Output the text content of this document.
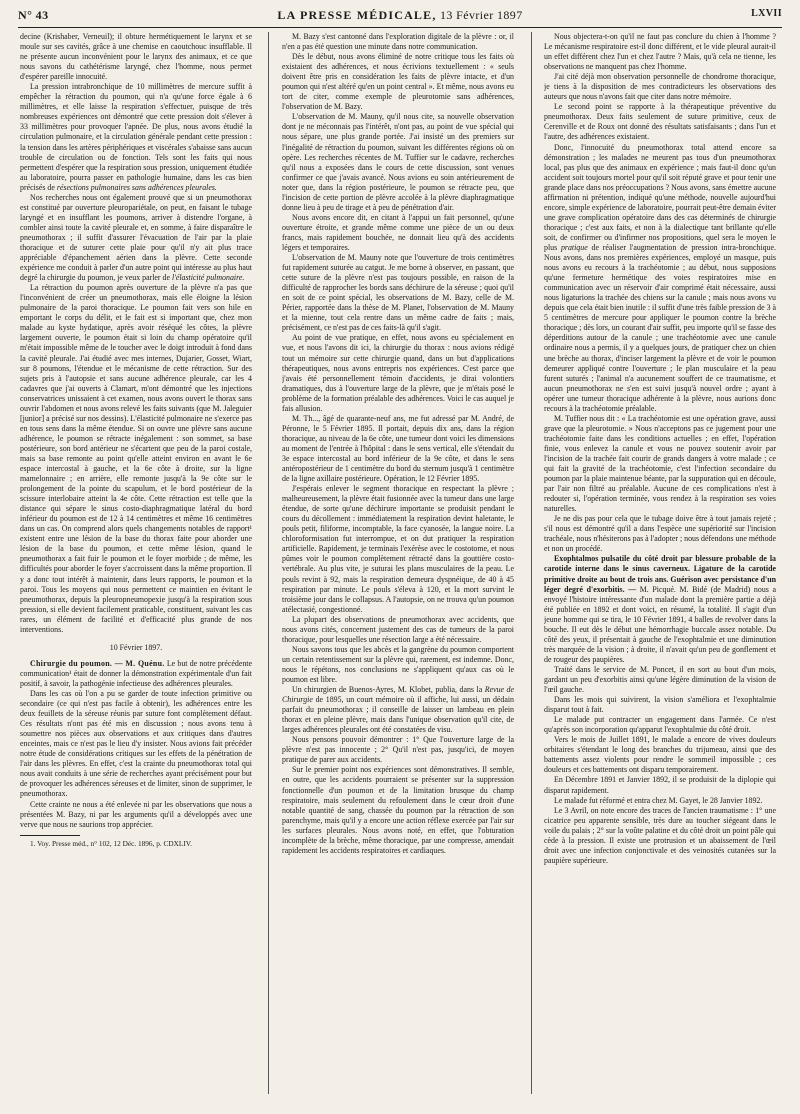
N° 43	LA PRESSE MÉDICALE, 13 Février 1897	LXVII

decine (Krishaber, Verneuil); il obture hermétiquement le larynx et se moule sur ses cavités, grâce à une chemise en caoutchouc insufflable. Il ne présente aucun inconvénient pour le larynx des animaux, et ce que nous savons du cathétérisme laryngé, chez l'homme, nous permet d'espérer pareille innocuité.

La pression intrabronchique de 10 millimètres de mercure suffit à empêcher la rétraction du poumon, qui n'a qu'une force égale à 6 millimètres, et elle laisse la respiration s'effectuer, puisque de très nombreuses expériences ont démontré que cette pression doit s'élever à 33 millimètres pour provoquer l'apnée. De plus, nous avons étudié la circulation pulmonaire, et la circulation générale pendant cette pression : la tension dans les artères périphériques et viscérales s'abaisse sans aucun trouble de circulation ou de fonction. Tels sont les faits qui nous permettent d'espérer que la respiration sous pression, uniquement étudiée au laboratoire, pourra passer en pathologie humaine, dans les cas bien précisés de résections pulmonaires sans adhérences pleurales.

Nos recherches nous ont également prouvé que si un pneumothorax est constitué par ouverture pleuropariétale, on peut, en faisant le tubage laryngé et en insufflant les poumons, arriver à distendre l'organe, à combler ainsi toute la cavité pleurale et, en somme, à faire disparaître le pneumothorax ; il suffit d'assurer l'évacuation de l'air par la plaie thoracique et de suturer cette plaie pour qu'il n'y ait plus trace appréciable d'épanchement aérien dans la plèvre. Cette seconde expérience me conduit à parler d'un autre point qui intéresse au plus haut degré la chirurgie du poumon, je veux parler de l'élasticité pulmonaire.

La rétraction du poumon après ouverture de la plèvre n'a pas que l'inconvénient de créer un pneumothorax, mais elle éloigne la lésion pulmonaire de la paroi thoracique. Le poumon fait vers son hile en emportant le corps du délit, et le fait est si important que, chez mon malade au kyste hydatique, après avoir réséqué les côtes, la plèvre largement ouverte, le poumon était si loin du champ opératoire qu'il m'était impossible même de le toucher avec le doigt introduit à fond dans la cavité pleurale. J'ai étudié avec mes internes, Dujarier, Gosset, Wiart, sur 8 poumons, l'étendue et le mécanisme de cette rétraction. Sur des sujets pris à l'autopsie et sans aucune adhérence pleurale, car les 4 cadavres que j'ai ouverts à Clamart, m'ont démontré que les injections conservatrices unissaient à cet examen, nous avons ouvert le thorax sans ouvrir l'abdomen et nous avons relevé les faits suivants (que M. Jaleguier [junior] a précisé sur nos dessins). L'élasticité pulmonaire ne s'exerce pas en tous sens dans la même étendue. Si on ouvre une plèvre sans aucune adhérence, le poumon se rétracte inégalement : son sommet, sa base postérieure, son bord antérieur ne s'écartent que peu de la paroi costale, mais sa base remonte au point qu'elle atteint environ en avant le 6e espace intercostal à gauche, et la 6e côte à droite, sur la ligne mamelonnaire ; en arrière, elle remonte jusqu'à la 9e côte sur le prolongement de la pointe du scapulum, et le bord postérieur de la scissure interlobaire atteint la 4e côte. Cette rétraction est telle que la distance qui sépare le sinus costo-diaphragmatique latéral du bord inférieur du poumon est de 12 à 14 centimètres et même 16 centimètres dans un cas. On comprend alors quels changements notables de rapport¹ existent entre une lésion de la base du thorax faite pour aborder une lésion de la base du poumon, et cette même lésion, quand le pneumothorax a fait fuir le poumon et le foyer morbide ; de même, les difficultés pour aborder le foyer s'accroissent dans la même proportion. Il y a donc tout intérêt à maintenir, dans leurs rapports, le poumon et la paroi. Tous les moyens qui nous permettent ce maintien en évitant le pneumothorax, depuis la pleuropneumopexie jusqu'à la respiration sous pression, si elle devient facilement praticable, constituent, suivant les cas rares, un élément de facilité et d'efficacité plus grande de nos interventions.

10 Février 1897.

Chirurgie du poumon. — M. Quénu. Le but de notre précédente communication¹ était de donner la démonstration expérimentale d'un fait positif, à savoir, la pathogénie infectieuse des adhérences pleurales.

Dans les cas où l'on a pu se garder de toute infection primitive ou secondaire (ce qui n'est pas facile à obtenir), les adhérences entre les deux feuillets de la séreuse réunis par suture font complètement défaut. Ces résultats n'ont pas été mis en discussion ; nous avons tenu à soumettre nos pièces aux observations et aux critiques dans d'autres enceintes, mais ce n'est pas le lieu d'y insister. Nous avions fait précéder notre étude de considérations critiques sur les effets de la pénétration de l'air dans les plèvres. En effet, c'est la crainte du pneumothorax total qui nous avait conduits à une série de recherches ayant précisément pour but de provoquer les adhérences séreuses et de limiter, sinon de supprimer, le pneumothorax.

Cette crainte ne nous a été enlevée ni par les observations que nous a présentées M. Bazy, ni par les arguments qu'il a développés avec une verve que nous ne saurions trop apprécier.

1. Voy. Presse méd., n° 102, 12 Déc. 1896, p. CDXLIV.

M. Bazy s'est cantonné dans l'exploration digitale de la plèvre : or, il n'en a pas été question une minute dans notre communication.

Dès le début, nous avons éliminé de notre critique tous les faits où existaient des adhérences, et nous écrivions textuellement : « seuls doivent être pris en considération les faits de plèvre intacte, et d'un poumon qui n'est altéré qu'en un point central ». Et même, nous avons eu tort de citer, comme exemple de pleurotomie sans adhérences, l'observation de M. Bazy.

L'observation de M. Mauny, qu'il nous cite, sa nouvelle observation dont je ne méconnais pas l'intérêt, n'ont pas, au point de vue spécial qui nous sépare, une plus grande portée. J'ai insisté un des premiers sur l'inégalité de rétraction du poumon, suivant les différentes régions où on opère. Les recherches récentes de M. Tuffier sur le cadavre, recherches qu'il nous a exposées dans le cours de cette discussion, sont venues confirmer ce que j'avais avancé. Nous avions eu soin antérieurement de noter que, dans la région postérieure, le poumon se rétracte peu, que l'incision de cette portion de plèvre accolée à la plèvre diaphragmatique donne lieu à peu de tirage et à peu de pénétration d'air.

Nous avons encore dit, en citant à l'appui un fait personnel, qu'une ouverture étroite, et grande même comme une pièce de un ou deux francs, mais rapidement bouchée, ne donnait lieu qu'à des accidents légers et temporaires.

L'observation de M. Mauny note que l'ouverture de trois centimètres fut rapidement suturée au catgut. Je me borne à observer, en passant, que cette suture de la plèvre n'est pas toujours possible, en raison de la difficulté de rapprocher les bords sans déchirure de la séreuse ; quoi qu'il en soit de ce point spécial, les observations de M. Bazy, celle de M. Périer, rapportée dans la thèse de M. Planet, l'observation de M. Mauny et la mienne, tout cela rentre dans un même cadre de faits ; mais, précisément, ce n'est pas de ces faits-là qu'il s'agit.

Au point de vue pratique, en effet, nous avons eu spécialement en vue, et nous l'avons dit ici, la chirurgie du thorax : nous avions rédigé tout un mémoire sur cette chirurgie quand, dans un but d'applications thérapeutiques, nous avons entrepris nos expériences. C'est parce que j'avais été personnellement témoin d'accidents, je dirai volontiers dramatiques, dus à l'ouverture large de la plèvre, que je m'étais posé le problème de la formation préalable des adhérences. Voici le cas auquel je fais allusion.

M. Th..., âgé de quarante-neuf ans, me fut adressé par M. André, de Péronne, le 5 Février 1895. Il portait, depuis dix ans, dans la région thoracique, au niveau de la 6e côte, une tumeur dont voici les dimensions au moment de l'entrée à l'hôpital : dans le sens vertical, elle s'étendait du 3e espace intercostal au bord inférieur de la 9e côte, et dans le sens antéropostérieur de 1 centimètre du bord du sternum jusqu'à 1 centimètre de la ligne axillaire postérieure. Opération, le 12 Février 1895.

J'espérais enlever le segment thoracique en respectant la plèvre ; malheureusement, la plèvre était fusionnée avec la tumeur dans une large étendue, de sorte qu'une déchirure importante se produisit pendant le cours du décollement : immédiatement la respiration devint haletante, le pouls petit, filiforme, incomptable, la face cyanosée, la langue noire. La chloroformisation fut interrompue, et on dut pratiquer la respiration artificielle. Rapidement, je terminais l'exérèse avec le costotome, et nous pûmes voir le poumon complètement rétracté dans la gouttière costo-vertébrale. Au plus vite, je suturai les plans musculaires de la peau. Le pouls revint à 92, mais la respiration demeura dyspnéique, de 40 à 45 respiration par minute. Le pouls s'éleva à 120, et la mort survint le troisième jour dans le collapsus. A l'autopsie, on ne trouva qu'un poumon atélectasié, congestionné.

La plupart des observations de pneumothorax avec accidents, que nous avons cités, concernent justement des cas de tumeurs de la paroi thoracique, pour lesquelles une résection large a été nécessaire.

Nous savons tous que les abcès et la gangrène du poumon comportent un certain retentissement sur la plèvre qui, rarement, est indemne. Donc, nous le répétons, nos conclusions ne s'appliquent qu'aux cas où le poumon est libre.

Un chirurgien de Buenos-Ayres, M. Klobet, publia, dans la Revue de Chirurgie de 1895, un court mémoire où il affiche, lui aussi, un dédain parfait du pneumothorax ; il conseille de laisser un lambeau en plein thorax et en pleine plèvre, mais dans l'unique observation qu'il cite, de larges adhérences pleurales ont été constatées de visu.

Nous pensons pouvoir démontrer : 1° Que l'ouverture large de la plèvre n'est pas innocente ; 2° Qu'il n'est pas, jusqu'ici, de moyen pratique de parer aux accidents.

Sur le premier point nos expériences sont démonstratives. Il semble, en outre, que les accidents pourraient se présenter sur la suppression fonctionnelle d'un poumon et de la limitation brusque du champ respiratoire, mais seulement du refoulement dans le cœur droit d'une notable quantité de sang, chassée du poumon par la rétraction de son parenchyme, mais qu'il y a encore une action réflexe exercée par l'air sur les surfaces pleurales. Nous avons noté, en effet, que l'obturation incomplète de la brèche, même thoracique, par une compresse, amendait rapidement les accidents respiratoires et cardiaques.

Nous objectera-t-on qu'il ne faut pas conclure du chien à l'homme ? Le mécanisme respiratoire est-il donc différent, et le vide pleural aurait-il un effet différent chez l'un et chez l'autre ? Mais, qu'à cela ne tienne, les observations ne manquent pas chez l'homme.

J'ai cité déjà mon observation personnelle de chondrome thoracique, je tiens à la disposition de mes contradicteurs les observations des auteurs que nous n'avons fait que citer dans notre mémoire.

Le second point se rapporte à la thérapeutique préventive du pneumothorax. Deux faits seulement de suture primitive, ceux de Cerenville et de Roux ont donné des résultats satisfaisants ; dans l'un et l'autre, des adhérences existaient.

Donc, l'innocuité du pneumothorax total attend encore sa démonstration ; les malades ne meurent pas tous d'un pneumothorax local, pas plus que des animaux en expérience ; mais faut-il donc qu'un accident soit toujours mortel pour qu'il soit réputé grave et pour tenir une grande place dans nos préoccupations ? Nous avons, sans émettre aucune affirmation ni prétention, indiqué qu'une méthode, nouvelle aujourd'hui encore, simple expérience de laboratoire, pourrait peut-être demain éviter une grave complication opératoire dans des cas déterminés de chirurgie thoracique ; c'est aux faits, et non à la dialectique tant brillante qu'elle soit, de confirmer ou d'infirmer nos propositions, quel sera le moyen le plus pratique de réaliser l'augmentation de pression intra-bronchique. Nous avons, dans nos premières expériences, employé un masque, puis nous avons eu recours à la trachéotomie ; au début, nous supposions qu'une fermeture hermétique des voies respiratoires mise en communication avec un réservoir d'air comprimé était nécessaire, aussi nous ligaturions la trachée des chiens sur la canule ; mais nous avons vu depuis que cela était bien inutile : il suffit d'une très faible pression de 3 à 5 centimètres de mercure pour appliquer le poumon contre la brèche thoracique ; dès lors, un courant d'air suffit, peu importe qu'il se fasse des déperditions autour de la canule ; une trachéotomie avec une canule ordinaire nous a permis, il y a quelques jours, de pratiquer chez un chien une brèche au thorax, d'inciser largement la plèvre et de voir le poumon demeurer appliqué contre l'ouverture ; le plan musculaire et la peau furent suturés ; l'animal n'a aucunement souffert de ce traumatisme, et aucun pneumothorax ne s'en est suivi jusqu'à nouvel ordre ; ayant à opérer une tumeur thoracique adhérente à la plèvre, nous aurions donc recours à la trachéotomie préalable.

M. Tuffier nous dit : « La trachéotomie est une opération grave, aussi grave que la pleurotomie. » Nous n'acceptons pas ce jugement pour une trachéotomie faite dans les conditions actuelles ; en effet, l'opération finie, vous enlevez la canule et vous ne pouvez soutenir avoir par l'incision de la trachée fait courir de grands dangers à votre malade ; ce qui fait la gravité de la trachéotomie, c'est l'infection secondaire du poumon par la plaie maintenue béante, par la suppuration qui en découle, par l'air non filtré au préalable. Aucune de ces complications n'est à redouter si, l'opération terminée, vous rendez à la respiration ses voies naturelles.

Je ne dis pas pour cela que le tubage doive être à tout jamais rejeté ; s'il nous est démontré qu'il a dans l'espèce une supériorité sur l'incision trachéale, nous n'hésiterons pas à l'adopter ; nous défendons une méthode et non un procédé.

Exophtalmos pulsatile du côté droit par blessure probable de la carotide interne dans le sinus caverneux. Ligature de la carotide primitive droite au bout de trois ans. Guérison avec persistance d'un léger degré d'exorbitis. — M. Picqué. M. Bidé (de Madrid) nous a envoyé l'histoire intéressante d'un malade dont la première partie a déjà été publiée en 1892 et dont voici, en résumé, la totalité. Il s'agit d'un jeune homme qui se tira, le 10 Février 1891, 4 balles de revolver dans la bouche. Il eut dès le début une hémorrhagie buccale assez notable. Du côté des yeux, il présentait à gauche de l'exophtalmie et une diminution très marquée de la vision ; à droite, il n'avait qu'un peu de gonflement et de rougeur des paupières.

Traité dans le service de M. Poncet, il en sort au bout d'un mois, gardant un peu d'exorbitis ainsi qu'une légère diminution de la vision de l'œil gauche.

Dans les mois qui suivirent, la vision s'améliora et l'exophtalmie disparut tout à fait.

Le malade put contracter un engagement dans l'armée. Ce n'est qu'après son incorporation qu'apparut l'exophtalmie du côté droit.

Vers le mois de Juillet 1891, le malade a encore de vives douleurs orbitaires s'étendant le long des branches du trijumeau, ainsi que des battements assez violents pour rendre le sommeil impossible ; ces douleurs et ces battements ont disparu temporairement.

En Décembre 1891 et Janvier 1892, il se produisit de la diplopie qui disparut rapidement.

Le malade fut réformé et entra chez M. Gayet, le 28 Janvier 1892.

Le 3 Avril, on note encore des traces de l'ancien traumatisme : 1° une cicatrice peu apparente sensible, très dure au toucher siégeant dans le voile du palais ; 2° sur la voûte palatine et du côté droit un point pâle qui cède à la pression. Il existe une protrusion et un abaissement de l'œil droit avec une infection conjonctivale et des veinosités cutanées sur la paupière supérieure.
